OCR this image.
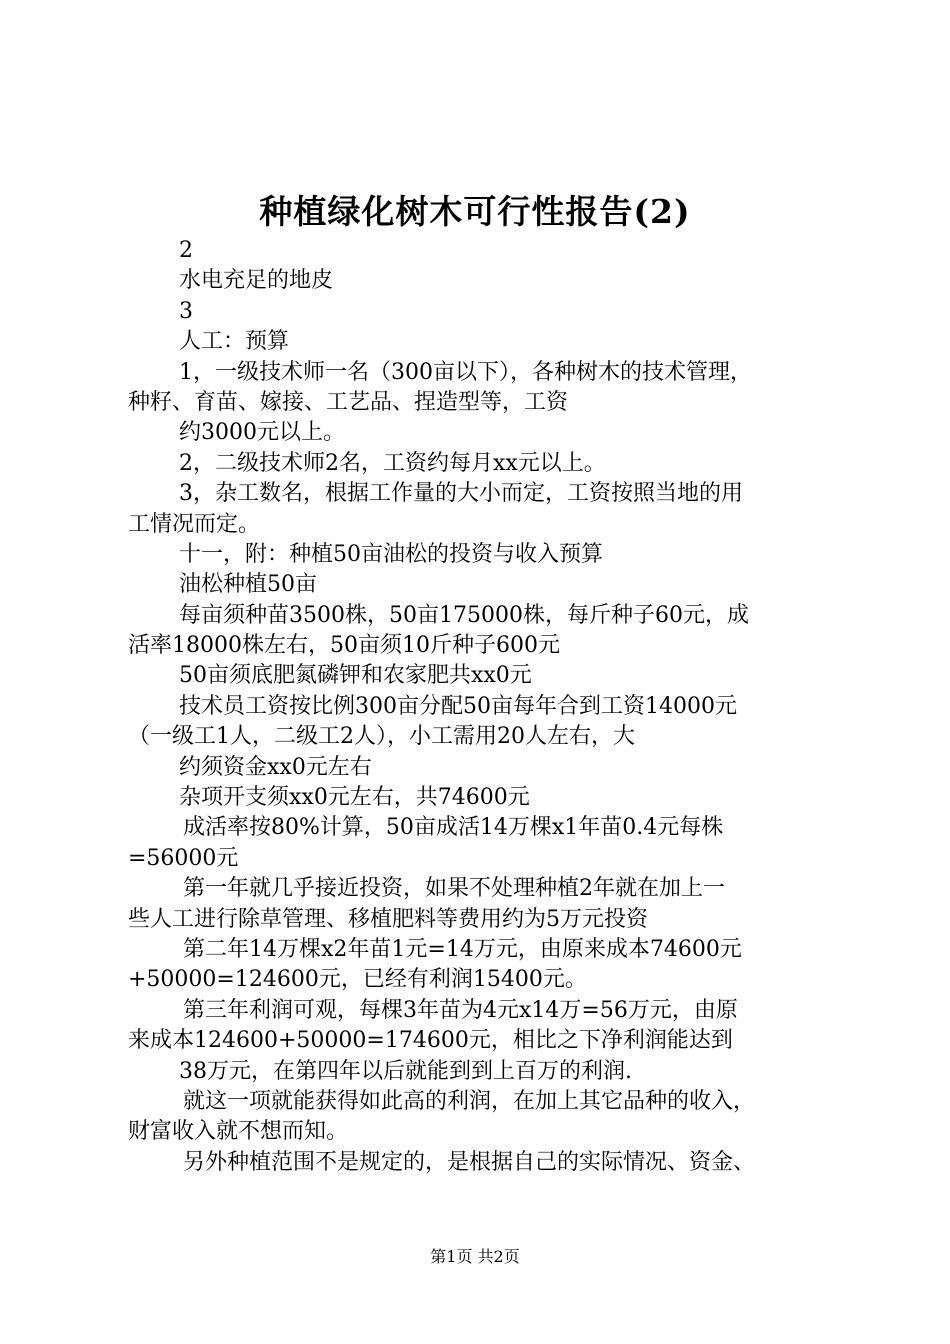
种植绿化树木可行性报告(2)
2
水电充足的地皮
3
人工：预算
1，一级技术师一名（300亩以下），各种树木的技术管理，
种籽、育苗、嫁接、工艺品、捏造型等，工资
约3000元以上。
2，二级技术师2名，工资约每月xx元以上。
3，杂工数名，根据工作量的大小而定，工资按照当地的用
工情况而定。
十一，附：种植50亩油松的投资与收入预算
油松种植50亩
每亩须种苗3500株，50亩175000株，每斤种子60元，成
活率18000株左右，50亩须10斤种子600元
50亩须底肥氮磷钾和农家肥共xx0元
技术员工资按比例300亩分配50亩每年合到工资14000元
（一级工1人，二级工2人），小工需用20人左右，大
约须资金xx0元左右
杂项开支须xx0元左右，共74600元
成活率按80%计算，50亩成活14万棵x1年苗0.4元每株
=56000元
第一年就几乎接近投资，如果不处理种植2年就在加上一
些人工进行除草管理、移植肥料等费用约为5万元投资
第二年14万棵x2年苗1元=14万元，由原来成本74600元
+50000=124600元，已经有利润15400元。
第三年利润可观，每棵3年苗为4元x14万=56万元，由原
来成本124600+50000=174600元，相比之下净利润能达到
38万元，在第四年以后就能到到上百万的利润.
就这一项就能获得如此高的利润，在加上其它品种的收入，
财富收入就不想而知。
另外种植范围不是规定的，是根据自己的实际情况、资金、
第1页 共2页
